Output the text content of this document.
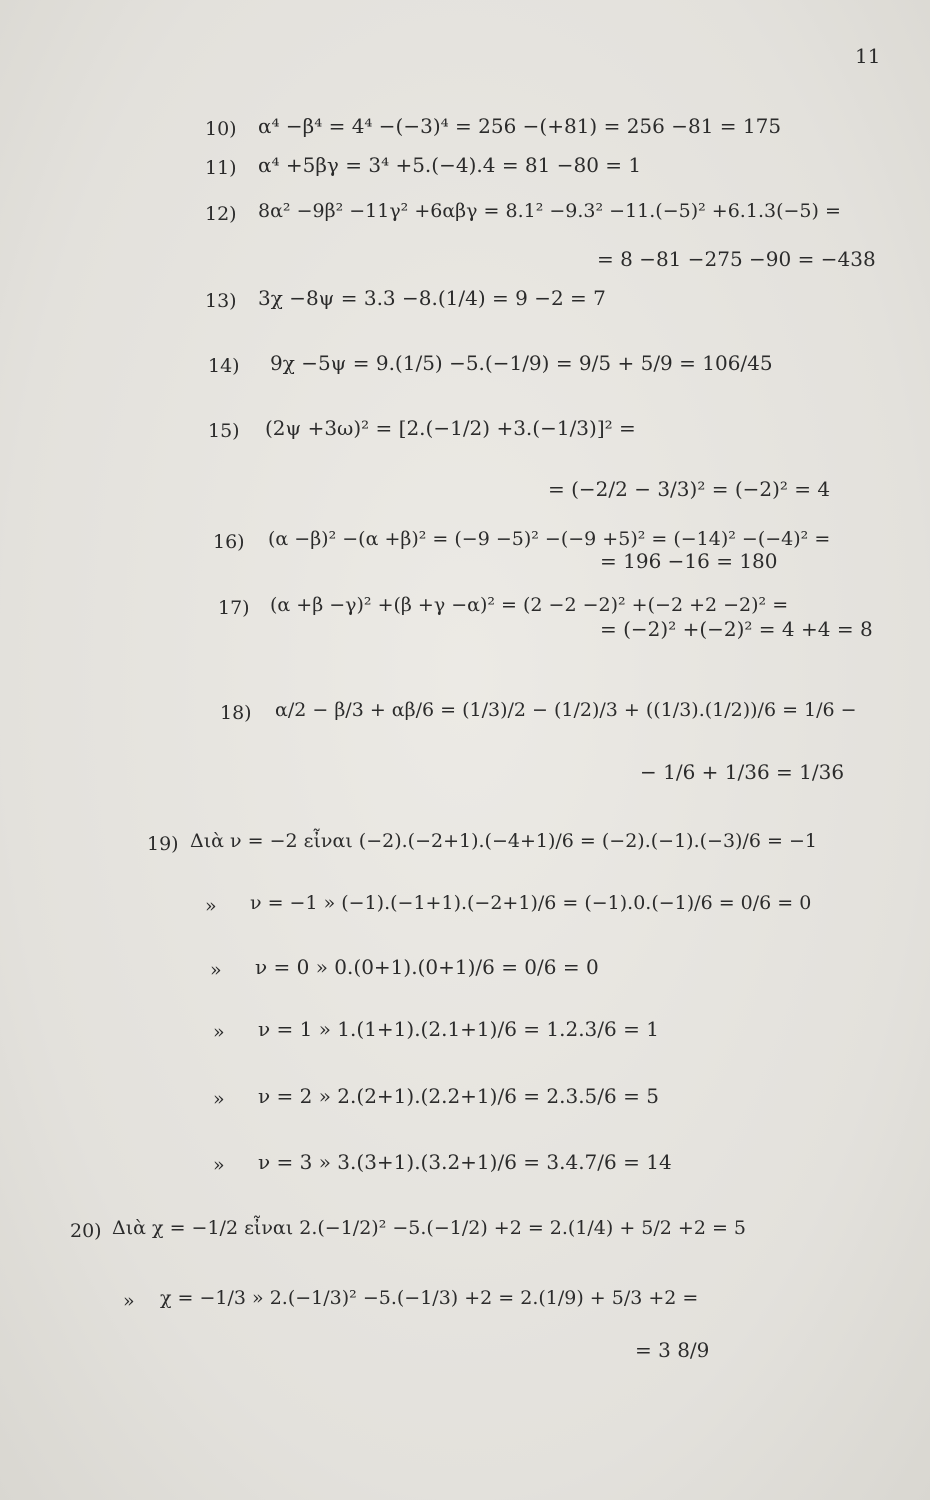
11
10) α⁴ −β⁴ = 4⁴ −(−3)⁴ = 256 −(+81) = 256 −81 = 175
11) α⁴ +5βγ = 3⁴ +5.(−4).4 = 81 −80 = 1
12) 8α² −9β² −11γ² +6αβγ = 8.1² −9.3² −11.(−5)² +6.1.3(−5) =
= 8 −81 −275 −90 = −438
13) 3χ −8ψ = 3.3 −8.(1/4) = 9 −2 = 7
14) 9χ −5ψ = 9.(1/5) −5.(−1/9) = 9/5 + 5/9 = 106/45
15) (2ψ +3ω)² = [2.(−1/2) +3.(−1/3)]² =
= (−2/2 − 3/3)² = (−2)² = 4
16) (α −β)² −(α +β)² = (−9 −5)² −(−9 +5)² = (−14)² −(−4)² =
= 196 −16 = 180
17) (α +β −γ)² +(β +γ −α)² = (2 −2 −2)² +(−2 +2 −2)² =
= (−2)² +(−2)² = 4 +4 = 8
18) α/2 − β/3 + αβ/6 = (1/3)/2 − (1/2)/3 + ((1/3).(1/2))/6 = 1/6 −
− 1/6 + 1/36 = 1/36
19) Διὰ ν = −2 εἶναι (−2).(−2+1).(−4+1)/6 = (−2).(−1).(−3)/6 = −1
» ν = −1 » (−1).(−1+1).(−2+1)/6 = (−1).0.(−1)/6 = 0/6 = 0
» ν = 0 » 0.(0+1).(0+1)/6 = 0/6 = 0
» ν = 1 » 1.(1+1).(2.1+1)/6 = 1.2.3/6 = 1
» ν = 2 » 2.(2+1).(2.2+1)/6 = 2.3.5/6 = 5
» ν = 3 » 3.(3+1).(3.2+1)/6 = 3.4.7/6 = 14
20) Διὰ χ = −1/2 εἶναι 2.(−1/2)² −5.(−1/2) +2 = 2.(1/4) + 5/2 +2 = 5
» χ = −1/3 » 2.(−1/3)² −5.(−1/3) +2 = 2.(1/9) + 5/3 +2 =
= 3 8/9
